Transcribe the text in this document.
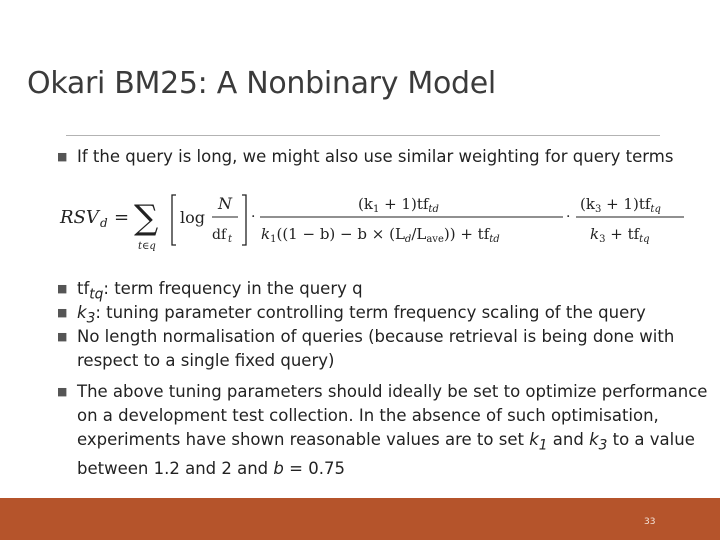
Okari BM25: A Nonbinary Model
■ If the query is long, we might also use similar weighting for query terms
RSV d = ∑
t∈q
log
N
df t
·
$(k_1 + 1)tf_{td}$
$k_1((1 - b) - b \times (L_d/L_{ave})) + tf_{td}$
·
$(k_3 + 1)tf_{tq}$
$k_3 + tf_{tq}$
■ $tf_{tq}$: term frequency in the query q
■ $k_3$: tuning parameter controlling term frequency scaling of the query
■ No length normalisation of queries (because retrieval is being done with respect to a single fixed query)
■ The above tuning parameters should ideally be set to optimize performance on a development test collection. In the absence of such optimisation, experiments have shown reasonable values are to set $k_1$ and $k_3$ to a value between 1.2 and 2 and b = 0.75
33
